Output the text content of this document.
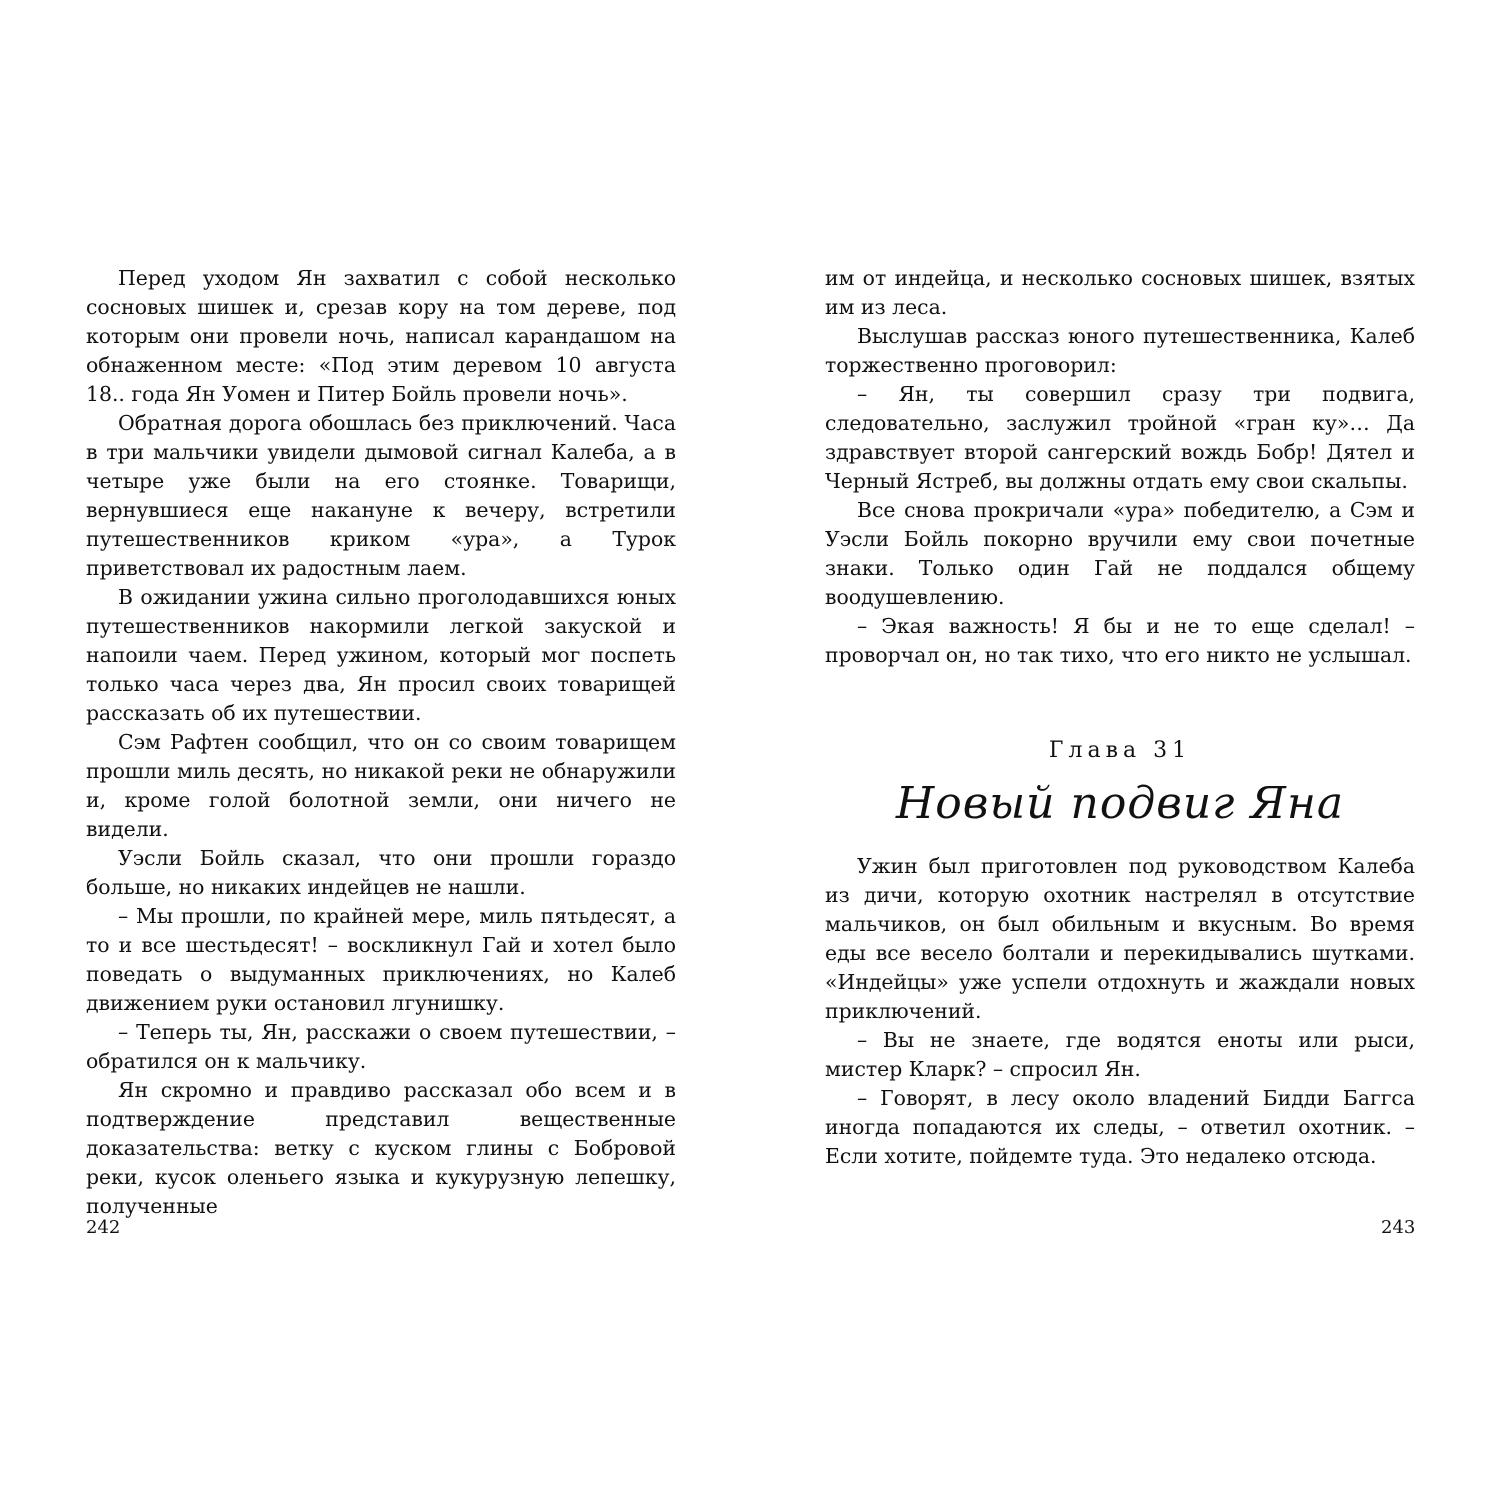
Перед уходом Ян захватил с собой несколько сосновых шишек и, срезав кору на том дереве, под которым они провели ночь, написал карандашом на обнаженном месте: «Под этим деревом 10 августа 18.. года Ян Уомен и Питер Бойль провели ночь».

Обратная дорога обошлась без приключений. Часа в три мальчики увидели дымовой сигнал Калеба, а в четыре уже были на его стоянке. Товарищи, вернувшиеся еще накануне к вечеру, встретили путешественников криком «ура», а Турок приветствовал их радостным лаем.

В ожидании ужина сильно проголодавшихся юных путешественников накормили легкой закуской и напоили чаем. Перед ужином, который мог поспеть только часа через два, Ян просил своих товарищей рассказать об их путешествии.

Сэм Рафтен сообщил, что он со своим товарищем прошли миль десять, но никакой реки не обнаружили и, кроме голой болотной земли, они ничего не видели.

Уэсли Бойль сказал, что они прошли гораздо больше, но никаких индейцев не нашли.

– Мы прошли, по крайней мере, миль пятьдесят, а то и все шестьдесят! – воскликнул Гай и хотел было поведать о выдуманных приключениях, но Калеб движением руки остановил лгунишку.

– Теперь ты, Ян, расскажи о своем путешествии, – обратился он к мальчику.

Ян скромно и правдиво рассказал обо всем и в подтверждение представил вещественные доказательства: ветку с куском глины с Бобровой реки, кусок оленьего языка и кукурузную лепешку, полученные

242

им от индейца, и несколько сосновых шишек, взятых им из леса.

Выслушав рассказ юного путешественника, Калеб торжественно проговорил:

– Ян, ты совершил сразу три подвига, следовательно, заслужил тройной «гран ку»… Да здравствует второй сангерский вождь Бобр! Дятел и Черный Ястреб, вы должны отдать ему свои скальпы.

Все снова прокричали «ура» победителю, а Сэм и Уэсли Бойль покорно вручили ему свои почетные знаки. Только один Гай не поддался общему воодушевлению.

– Экая важность! Я бы и не то еще сделал! – проворчал он, но так тихо, что его никто не услышал.

Глава 31
Новый подвиг Яна

Ужин был приготовлен под руководством Калеба из дичи, которую охотник настрелял в отсутствие мальчиков, он был обильным и вкусным. Во время еды все весело болтали и перекидывались шутками. «Индейцы» уже успели отдохнуть и жаждали новых приключений.

– Вы не знаете, где водятся еноты или рыси, мистер Кларк? – спросил Ян.

– Говорят, в лесу около владений Бидди Баггса иногда попадаются их следы, – ответил охотник. – Если хотите, пойдемте туда. Это недалеко отсюда.

243
